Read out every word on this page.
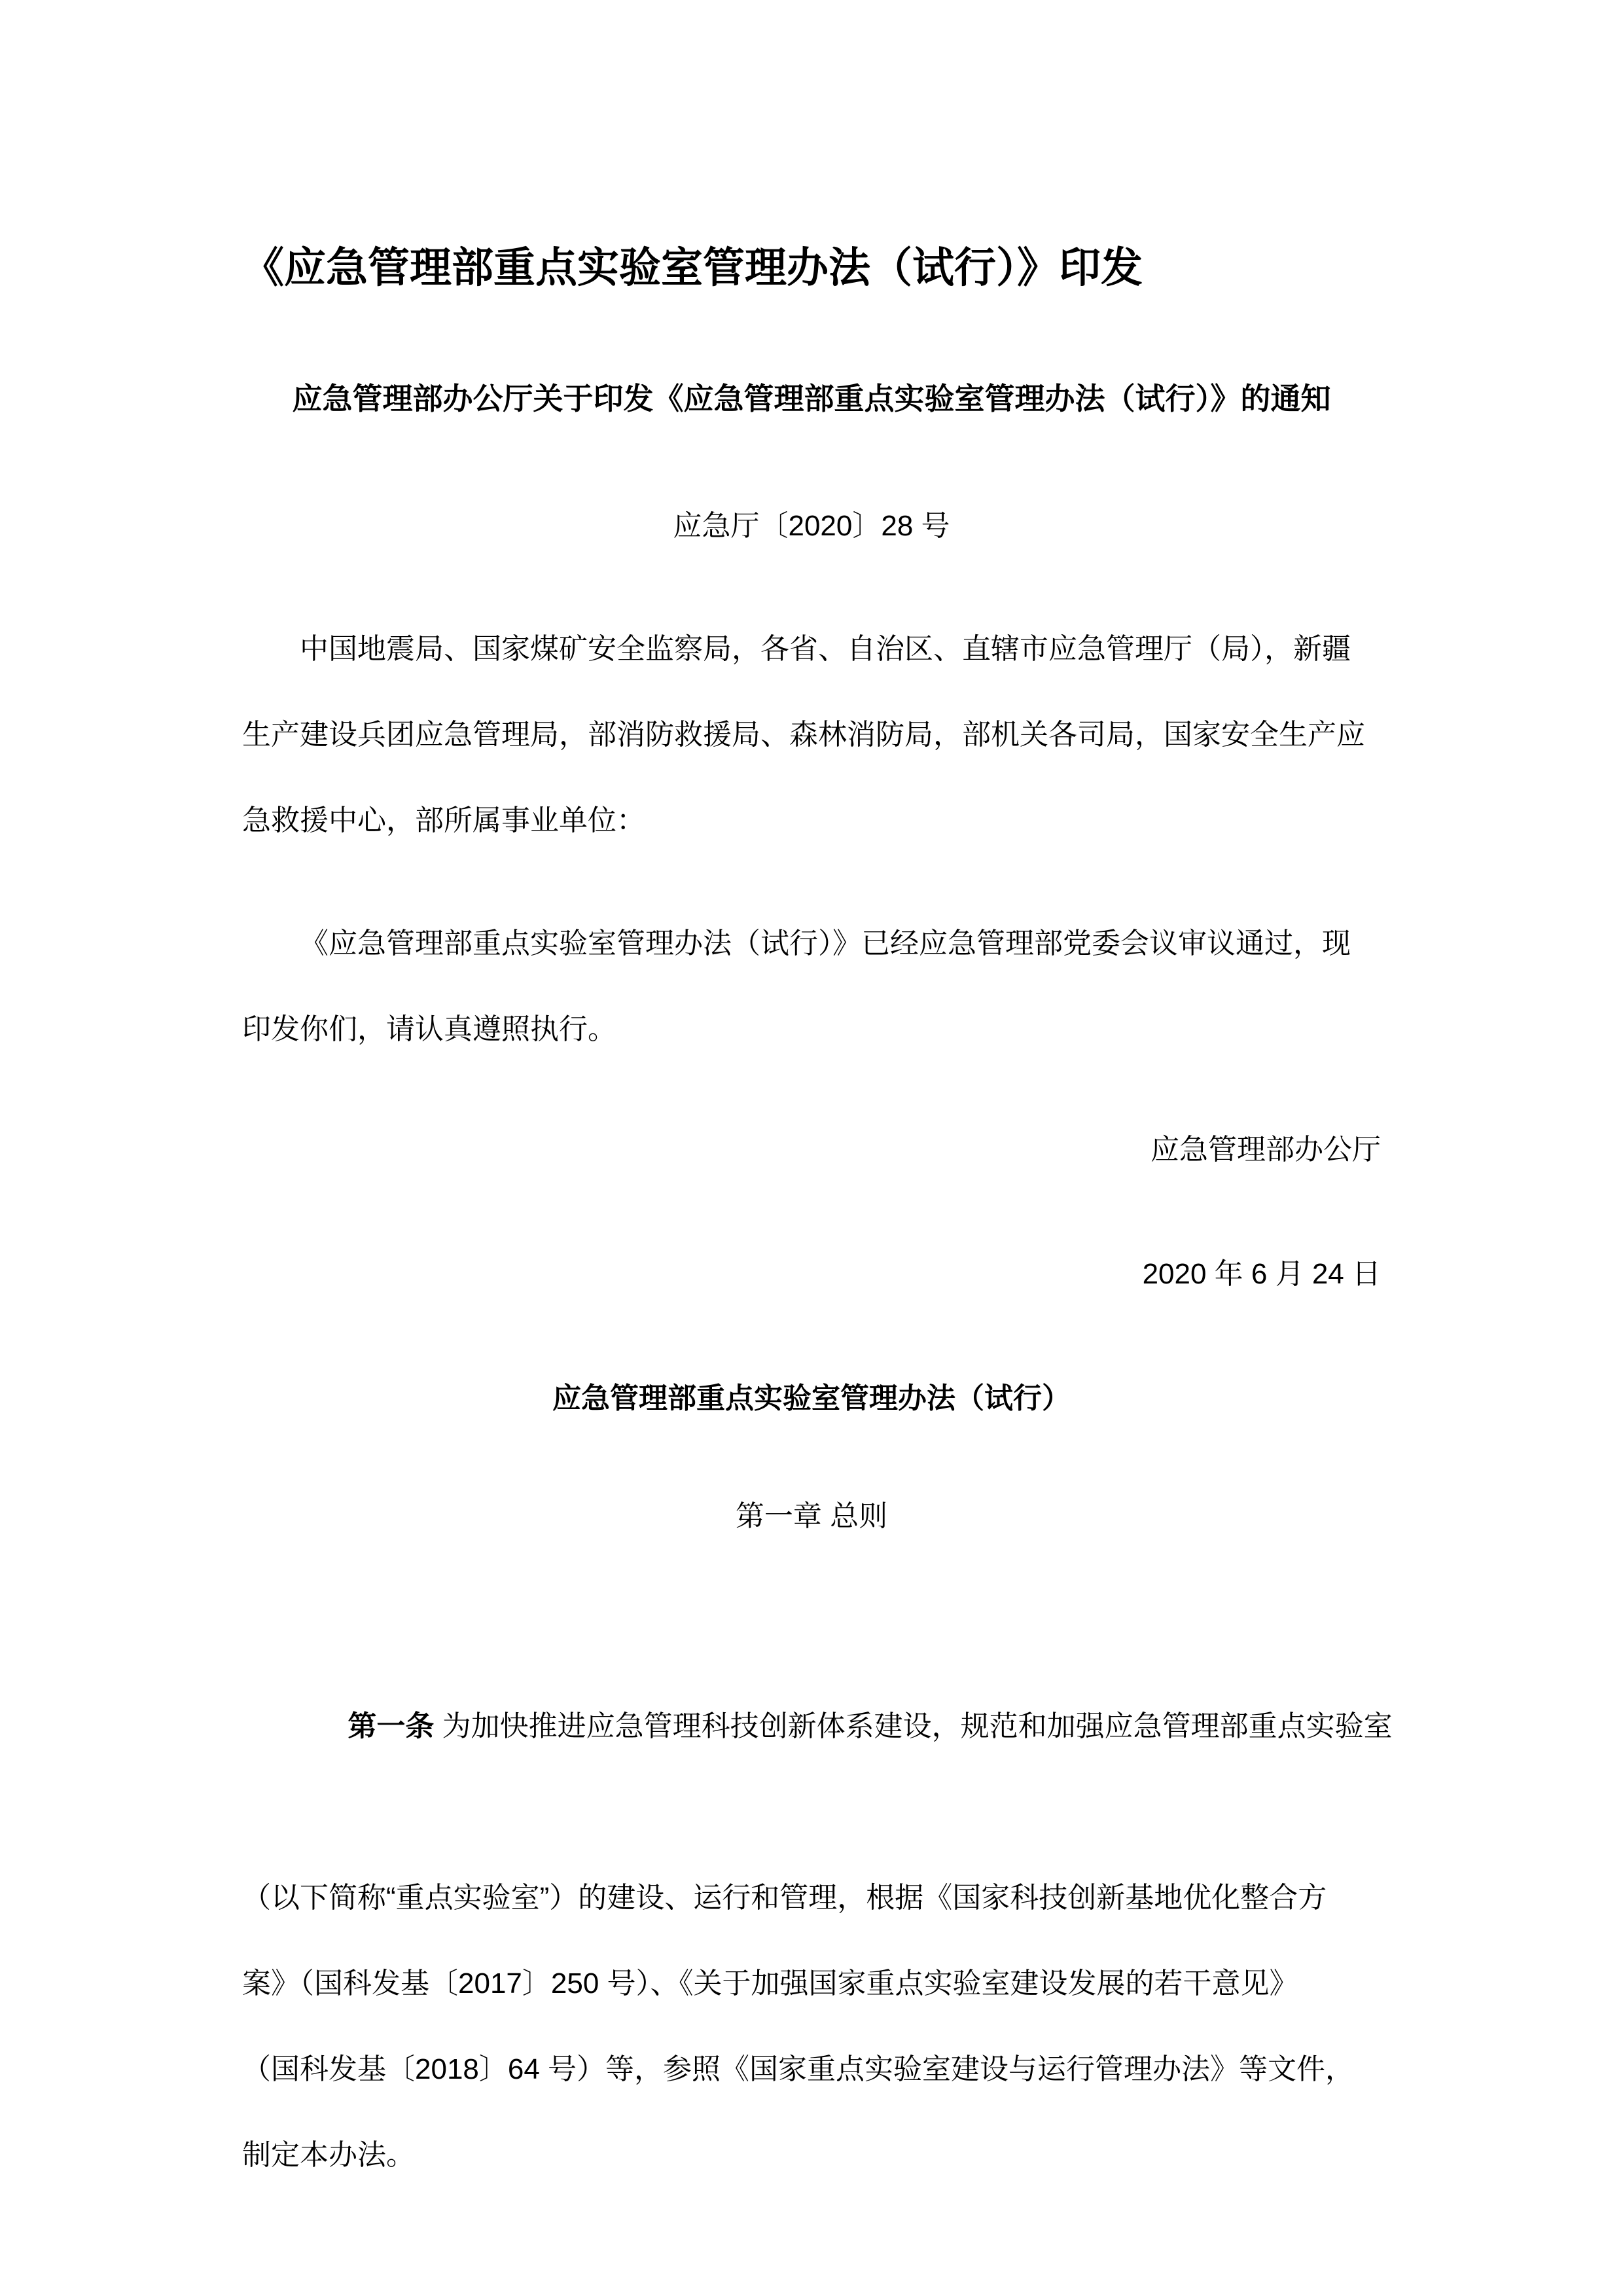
《应急管理部重点实验室管理办法（试行）》印发
应急管理部办公厅关于印发《应急管理部重点实验室管理办法（试行）》的通知
应急厅〔2020〕28 号
中国地震局、国家煤矿安全监察局，各省、自治区、直辖市应急管理厅（局），新疆
生产建设兵团应急管理局，部消防救援局、森林消防局，部机关各司局，国家安全生产应
急救援中心，部所属事业单位：
《应急管理部重点实验室管理办法（试行）》已经应急管理部党委会议审议通过，现
印发你们，请认真遵照执行。
应急管理部办公厅
2020 年 6 月 24 日
应急管理部重点实验室管理办法（试行）
第一章 总则

第一条 为加快推进应急管理科技创新体系建设，规范和加强应急管理部重点实验室

（以下简称“重点实验室”）的建设、运行和管理，根据《国家科技创新基地优化整合方
案》（国科发基〔2017〕250 号）、《关于加强国家重点实验室建设发展的若干意见》
（国科发基〔2018〕64 号）等，参照《国家重点实验室建设与运行管理办法》等文件，
制定本办法。
